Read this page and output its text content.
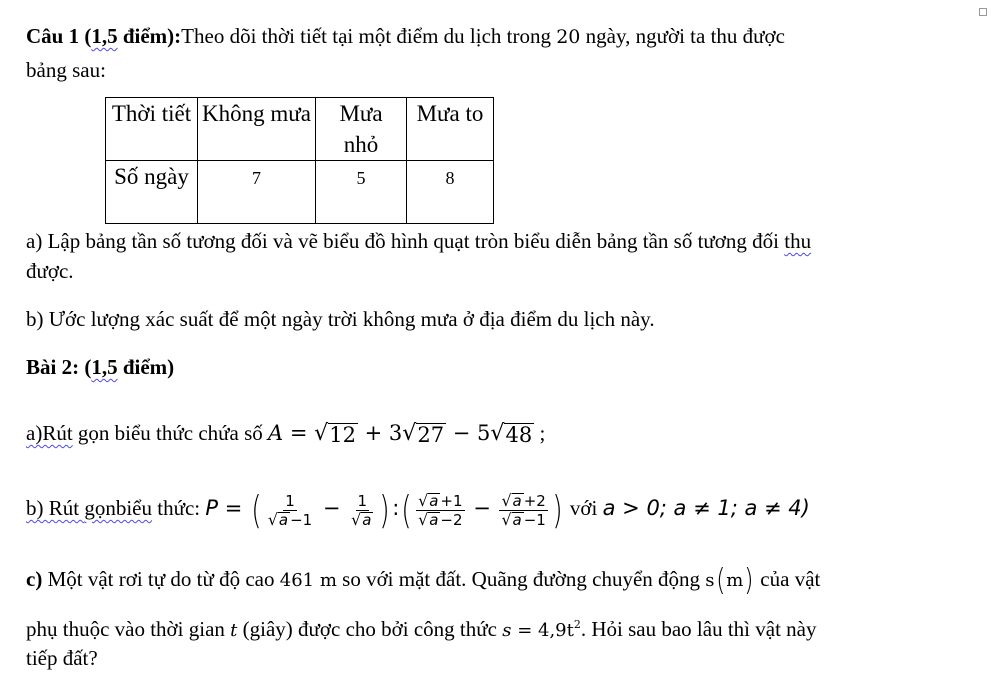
Câu 1 (1,5 điểm):Theo dõi thời tiết tại một điểm du lịch trong 20 ngày, người ta thu được
bảng sau:
Thời tiết	Không mưa	Mưa nhỏ	Mưa to
Số ngày	7	5	8
a) Lập bảng tần số tương đối và vẽ biểu đồ hình quạt tròn biểu diễn bảng tần số tương đối thu
được.
b) Ước lượng xác suất để một ngày trời không mưa ở địa điểm du lịch này.
Bài 2: (1,5 điểm)
a)Rút gọn biểu thức chứa số A = √ 12 + 3 √ 27 − 5 √ 48 ;
b) Rút gọnbiểu thức: P = ( $\frac{1}{√ a -1} - \frac{1}{√ a}$ ) :( $\frac{√ a +1}{√ a -2} - \frac{√ a +2}{√ a -1}$ ) với a > 0; a ≠ 1; a ≠ 4)
c) Một vật rơi tự do từ độ cao 461 m so với mặt đất. Quãng đường chuyển động s(m) của vật
phụ thuộc vào thời gian t (giây) được cho bởi công thức $s = 4,9t^2$. Hỏi sau bao lâu thì vật này
tiếp đất?
